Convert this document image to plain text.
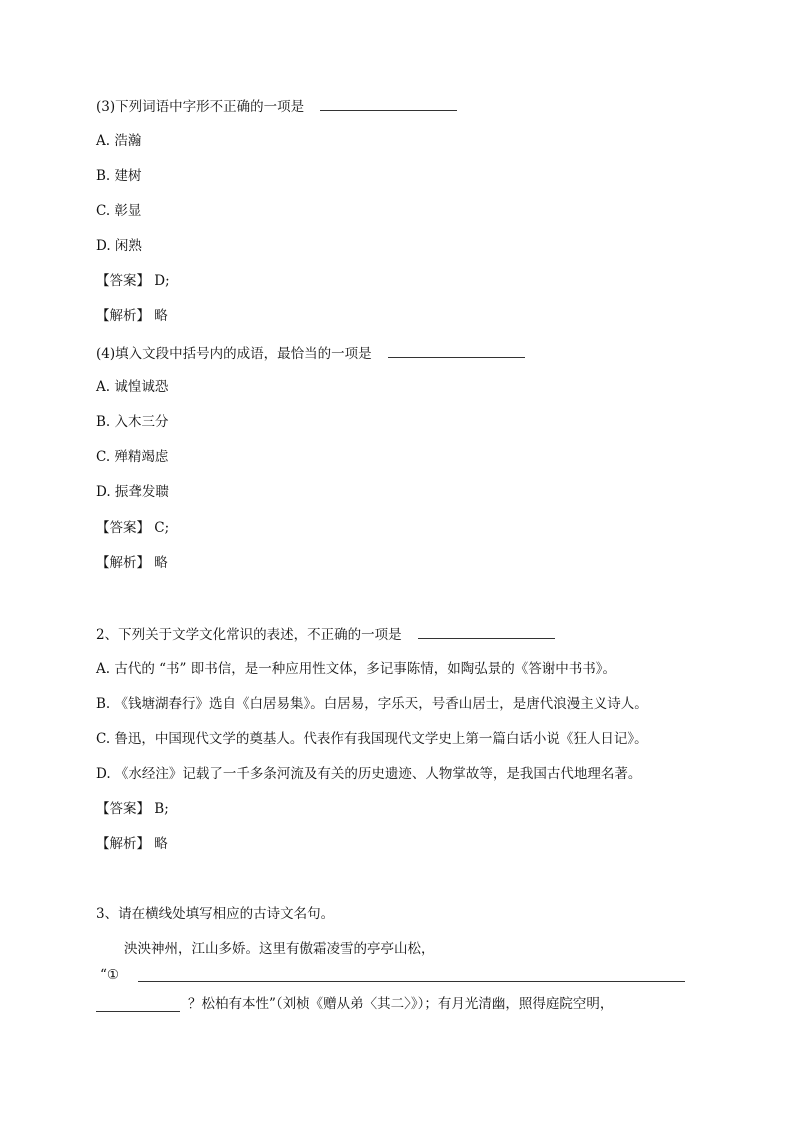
(3)下列词语中字形不正确的一项是
A. 浩瀚
B. 建树
C. 彰显
D. 闲熟
【答案】 D;
【解析】 略
(4)填入文段中括号内的成语，最恰当的一项是
A. 诚惶诚恐
B. 入木三分
C. 殚精竭虑
D. 振聋发聩
【答案】 C;
【解析】 略
2、下列关于文学文化常识的表述，不正确的一项是
A. 古代的 “书” 即书信，是一种应用性文体，多记事陈情，如陶弘景的《答谢中书书》。
B. 《钱塘湖春行》选自《白居易集》。白居易，字乐天，号香山居士，是唐代浪漫主义诗人。
C. 鲁迅，中国现代文学的奠基人。代表作有我国现代文学史上第一篇白话小说《狂人日记》。
D. 《水经注》记载了一千多条河流及有关的历史遗迹、人物掌故等，是我国古代地理名著。
【答案】 B;
【解析】 略
3、请在横线处填写相应的古诗文名句。
泱泱神州，江山多娇。这里有傲霜凌雪的亭亭山松，
“①
？松柏有本性”（刘桢《赠从弟〈其二〉》）；有月光清幽，照得庭院空明，
